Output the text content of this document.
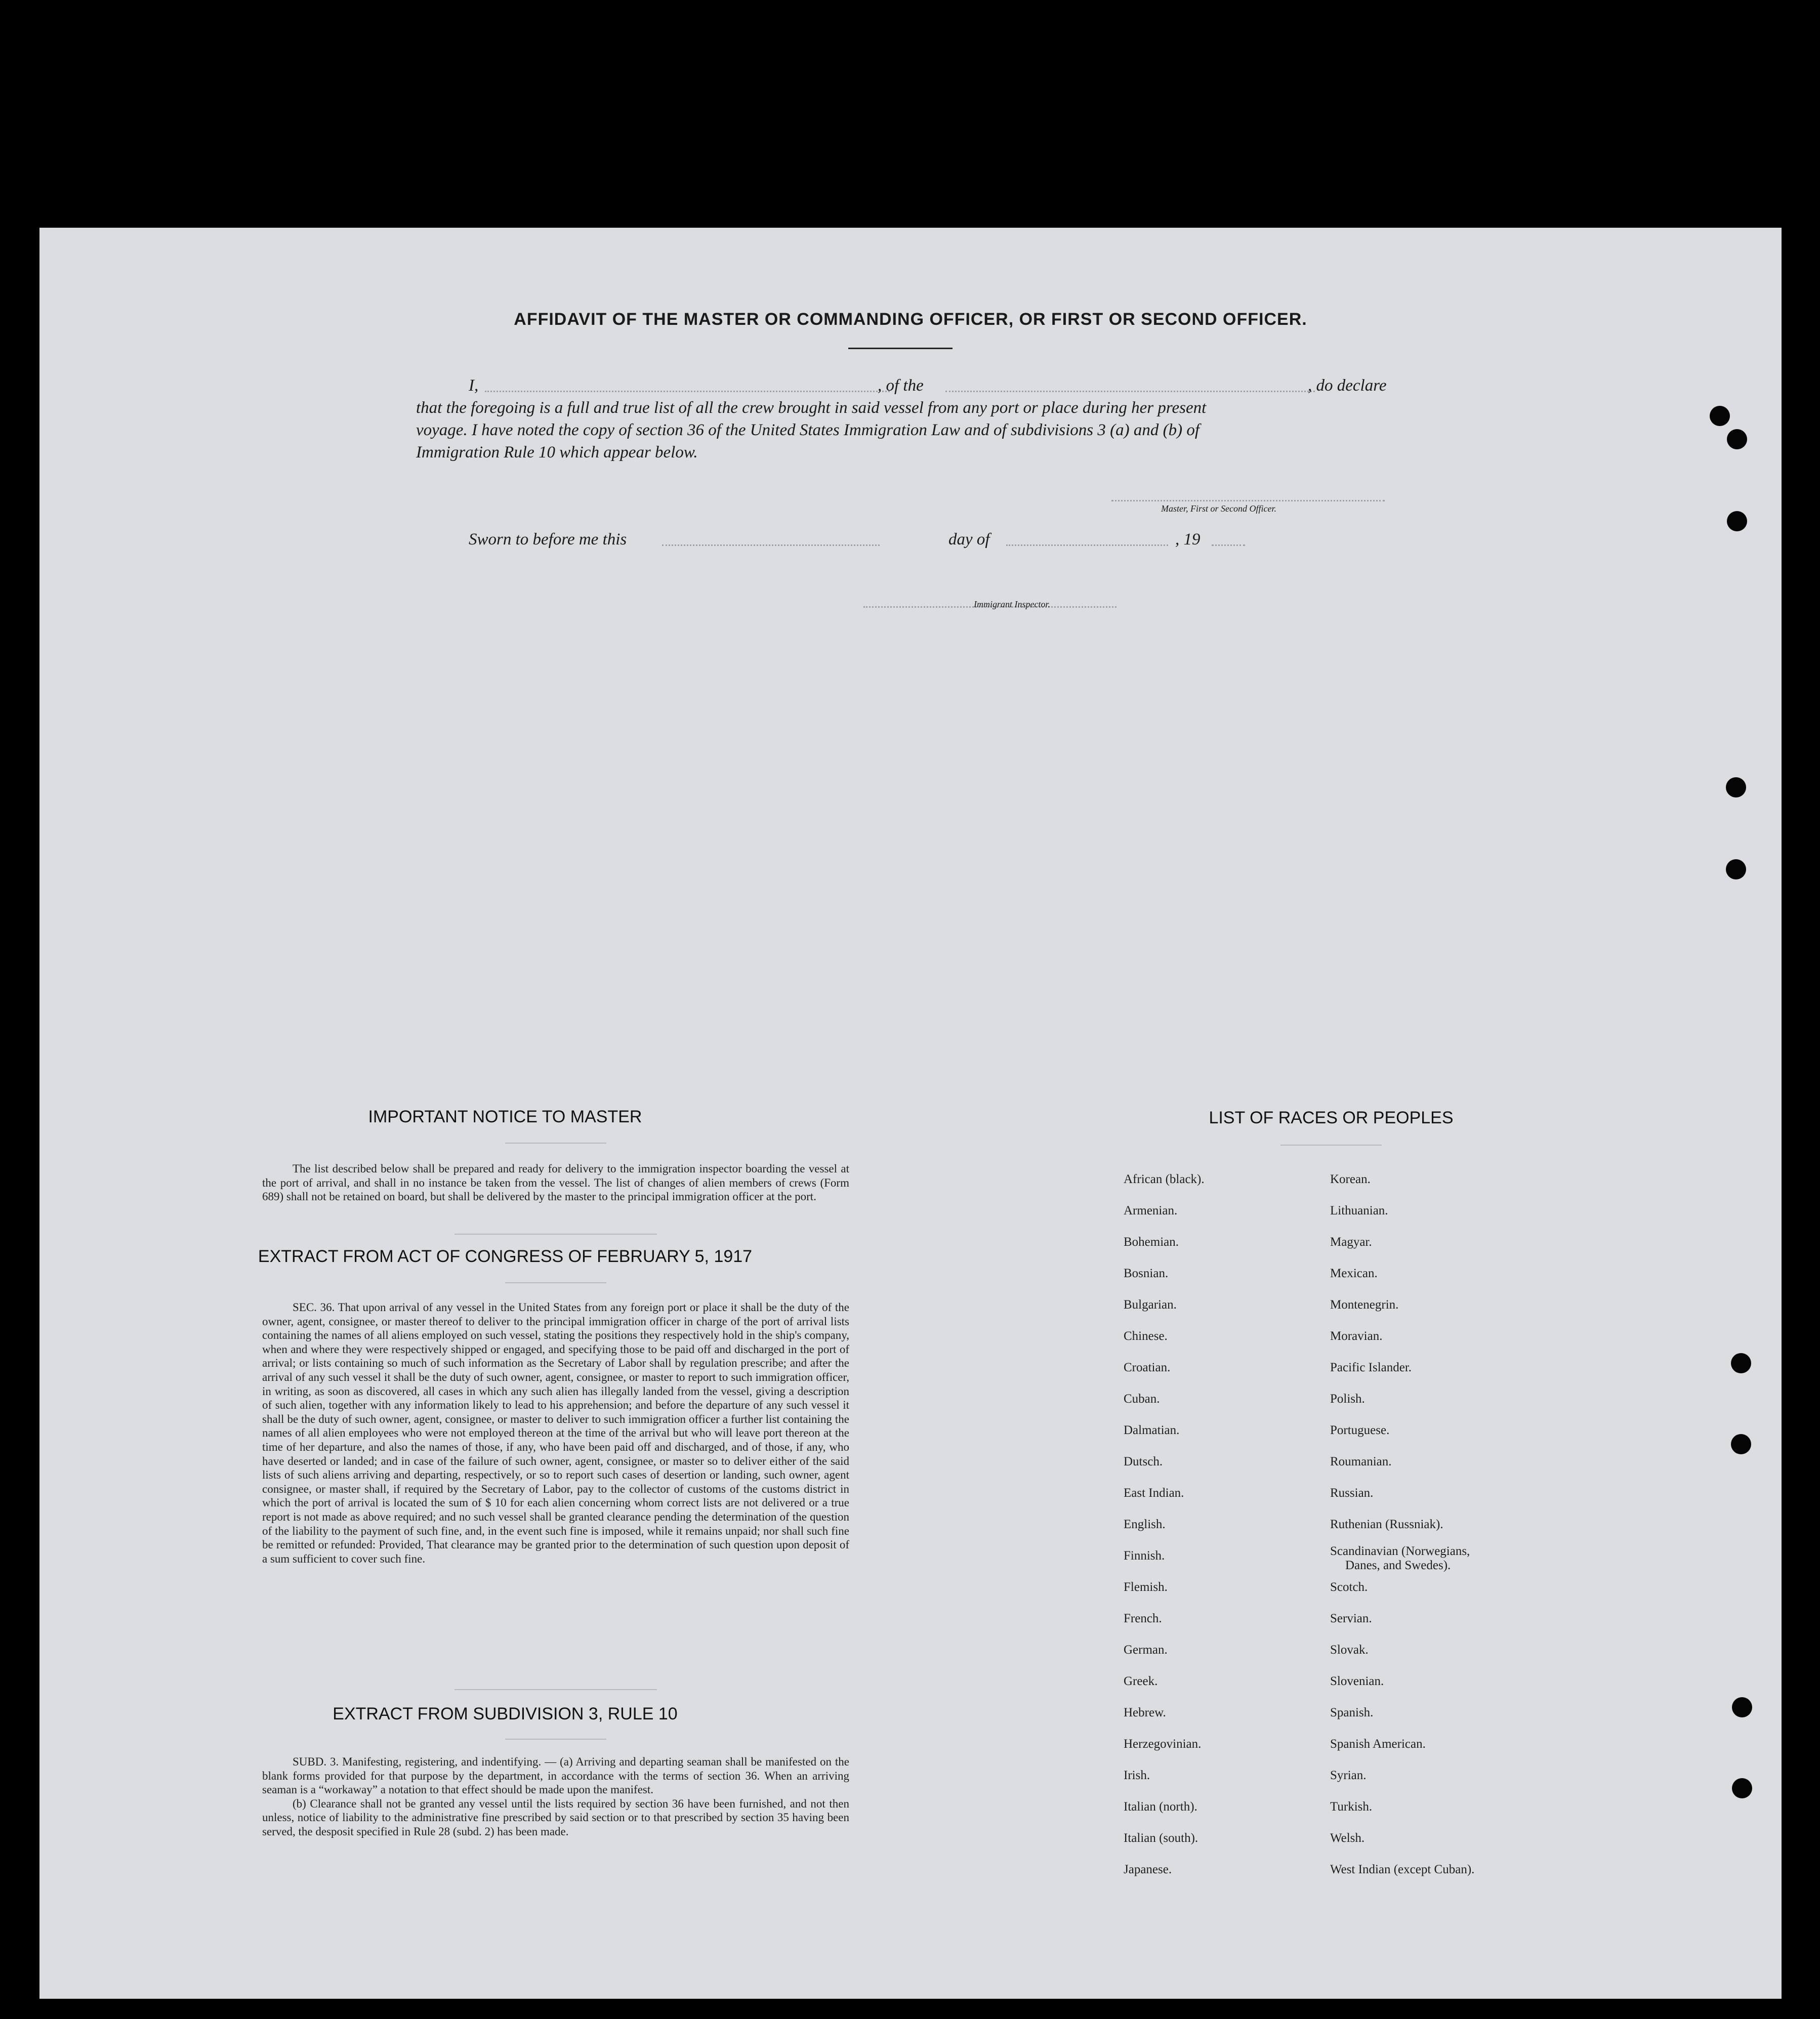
AFFIDAVIT OF THE MASTER OR COMMANDING OFFICER, OR FIRST OR SECOND OFFICER.
I,	, of the	, do declare
that the foregoing is a full and true list of all the crew brought in said vessel from any port or place during her present
voyage. I have noted the copy of section 36 of the United States Immigration Law and of subdivisions 3 (a) and (b) of
Immigration Rule 10 which appear below.
Master, First or Second Officer.
Sworn to before me this	day of	, 19
Immigrant Inspector.
IMPORTANT NOTICE TO MASTER

The list described below shall be prepared and ready for delivery to the immigration inspector boarding the vessel at the port of arrival, and shall in no instance be taken from the vessel. The list of changes of alien members of crews (Form 689) shall not be retained on board, but shall be delivered by the master to the principal immigration officer at the port.

EXTRACT FROM ACT OF CONGRESS OF FEBRUARY 5, 1917

SEC. 36. That upon arrival of any vessel in the United States from any foreign port or place it shall be the duty of the owner, agent, consignee, or master thereof to deliver to the principal immigration officer in charge of the port of arrival lists containing the names of all aliens employed on such vessel, stating the positions they respectively hold in the ship's company, when and where they were respectively shipped or engaged, and specifying those to be paid off and discharged in the port of arrival; or lists containing so much of such information as the Secretary of Labor shall by regulation prescribe; and after the arrival of any such vessel it shall be the duty of such owner, agent, consignee, or master to report to such immigration officer, in writing, as soon as discovered, all cases in which any such alien has illegally landed from the vessel, giving a description of such alien, together with any information likely to lead to his apprehension; and before the departure of any such vessel it shall be the duty of such owner, agent, consignee, or master to deliver to such immigration officer a further list containing the names of all alien employees who were not employed thereon at the time of the arrival but who will leave port thereon at the time of her departure, and also the names of those, if any, who have been paid off and discharged, and of those, if any, who have deserted or landed; and in case of the failure of such owner, agent, consignee, or master so to deliver either of the said lists of such aliens arriving and departing, respectively, or so to report such cases of desertion or landing, such owner, agent consignee, or master shall, if required by the Secretary of Labor, pay to the collector of customs of the customs district in which the port of arrival is located the sum of $ 10 for each alien concerning whom correct lists are not delivered or a true report is not made as above required; and no such vessel shall be granted clearance pending the determination of the question of the liability to the payment of such fine, and, in the event such fine is imposed, while it remains unpaid; nor shall such fine be remitted or refunded: Provided, That clearance may be granted prior to the determination of such question upon deposit of a sum sufficient to cover such fine.

EXTRACT FROM SUBDIVISION 3, RULE 10

SUBD. 3. Manifesting, registering, and indentifying. — (a) Arriving and departing seaman shall be manifested on the blank forms provided for that purpose by the department, in accordance with the terms of section 36. When an arriving seaman is a “workaway” a notation to that effect should be made upon the manifest.

(b) Clearance shall not be granted any vessel until the lists required by section 36 have been furnished, and not then unless, notice of liability to the administrative fine prescribed by said section or to that prescribed by section 35 having been served, the desposit specified in Rule 28 (subd. 2) has been made.

LIST OF RACES OR PEOPLES
African (black).
Armenian.
Bohemian.
Bosnian.
Bulgarian.
Chinese.
Croatian.
Cuban.
Dalmatian.
Dutsch.
East Indian.
English.
Finnish.
Flemish.
French.
German.
Greek.
Hebrew.
Herzegovinian.
Irish.
Italian (north).
Italian (south).
Japanese.
Korean.
Lithuanian.
Magyar.
Mexican.
Montenegrin.
Moravian.
Pacific Islander.
Polish.
Portuguese.
Roumanian.
Russian.
Ruthenian (Russniak).
Scandinavian (Norwegians,
Danes, and Swedes).
Scotch.
Servian.
Slovak.
Slovenian.
Spanish.
Spanish American.
Syrian.
Turkish.
Welsh.
West Indian (except Cuban).
